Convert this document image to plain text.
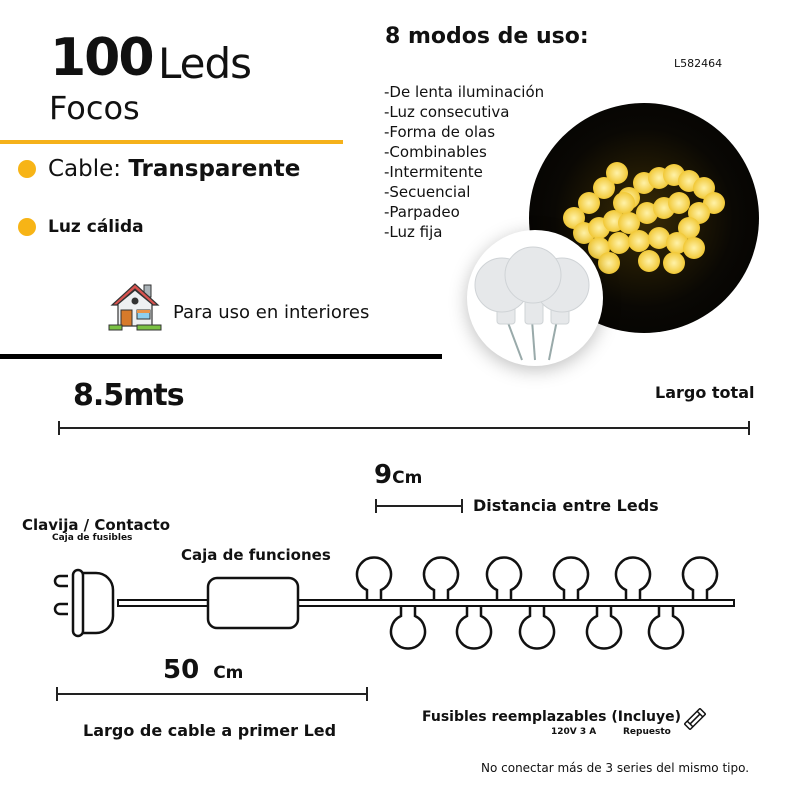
100 Leds
Focos
Cable: Transparente
Luz cálida
Para uso en interiores
8 modos de uso:
L582464
-De lenta iluminación
-Luz consecutiva
-Forma de olas
-Combinables
-Intermitente
-Secuencial
-Parpadeo
-Luz fija
8.5mts	Largo total
9Cm
Distancia entre Leds
Clavija / Contacto
Caja de fusibles
Caja de funciones
50 Cm
Largo de cable a primer Led
Fusibles reemplazables (Incluye)
120V 3 A	Repuesto
No conectar más de 3 series del mismo tipo.
